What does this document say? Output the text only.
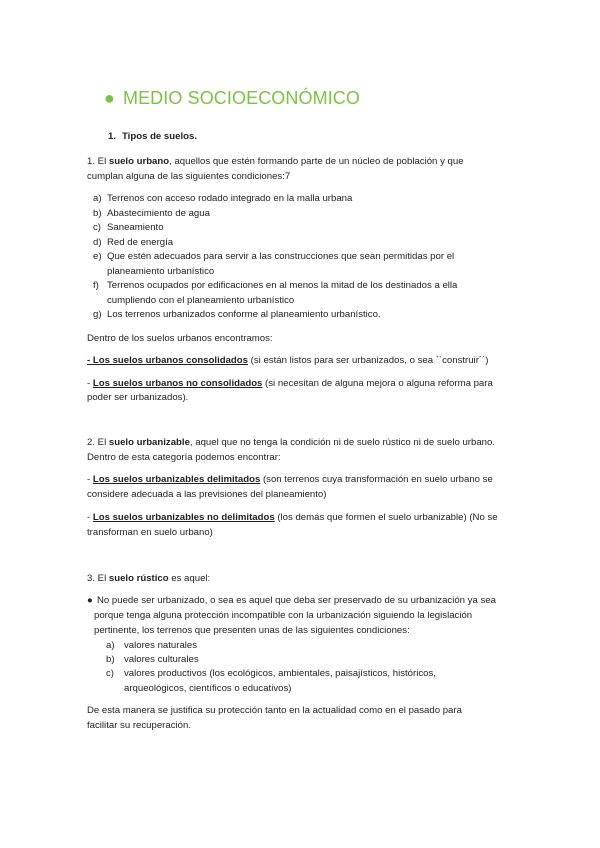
● MEDIO SOCIOECONÓMICO
1. Tipos de suelos.
1. El suelo urbano, aquellos que estén formando parte de un núcleo de población y que
cumplan alguna de las siguientes condiciones:7
a) Terrenos con acceso rodado integrado en la malla urbana
b) Abastecimiento de agua
c) Saneamiento
d) Red de energía
e) Que estén adecuados para servir a las construcciones que sean permitidas por el
planeamiento urbanístico
f) Terrenos ocupados por edificaciones en al menos la mitad de los destinados a ella
cumpliendo con el planeamiento urbanístico
g) Los terrenos urbanizados conforme al planeamiento urbanístico.
Dentro de los suelos urbanos encontramos:
- Los suelos urbanos consolidados (si están listos para ser urbanizados, o sea ``construir´´)
- Los suelos urbanos no consolidados (si necesitan de alguna mejora o alguna reforma para
poder ser urbanizados).
2. El suelo urbanizable, aquel que no tenga la condición ni de suelo rústico ni de suelo urbano.
Dentro de esta categoría podemos encontrar:
- Los suelos urbanizables delimitados (son terrenos cuya transformación en suelo urbano se
considere adecuada a las previsiones del planeamiento)
- Los suelos urbanizables no delimitados (los demás que formen el suelo urbanizable) (No se
transforman en suelo urbano)
3. El suelo rústico es aquel:
● No puede ser urbanizado, o sea es aquel que deba ser preservado de su urbanización ya sea
porque tenga alguna protección incompatible con la urbanización siguiendo la legislación
pertinente, los terrenos que presenten unas de las siguientes condiciones:
a) valores naturales
b) valores culturales
c) valores productivos (los ecológicos, ambientales, paisajísticos, históricos,
arqueológicos, científicos o educativos)
De esta manera se justifica su protección tanto en la actualidad como en el pasado para
facilitar su recuperación.
